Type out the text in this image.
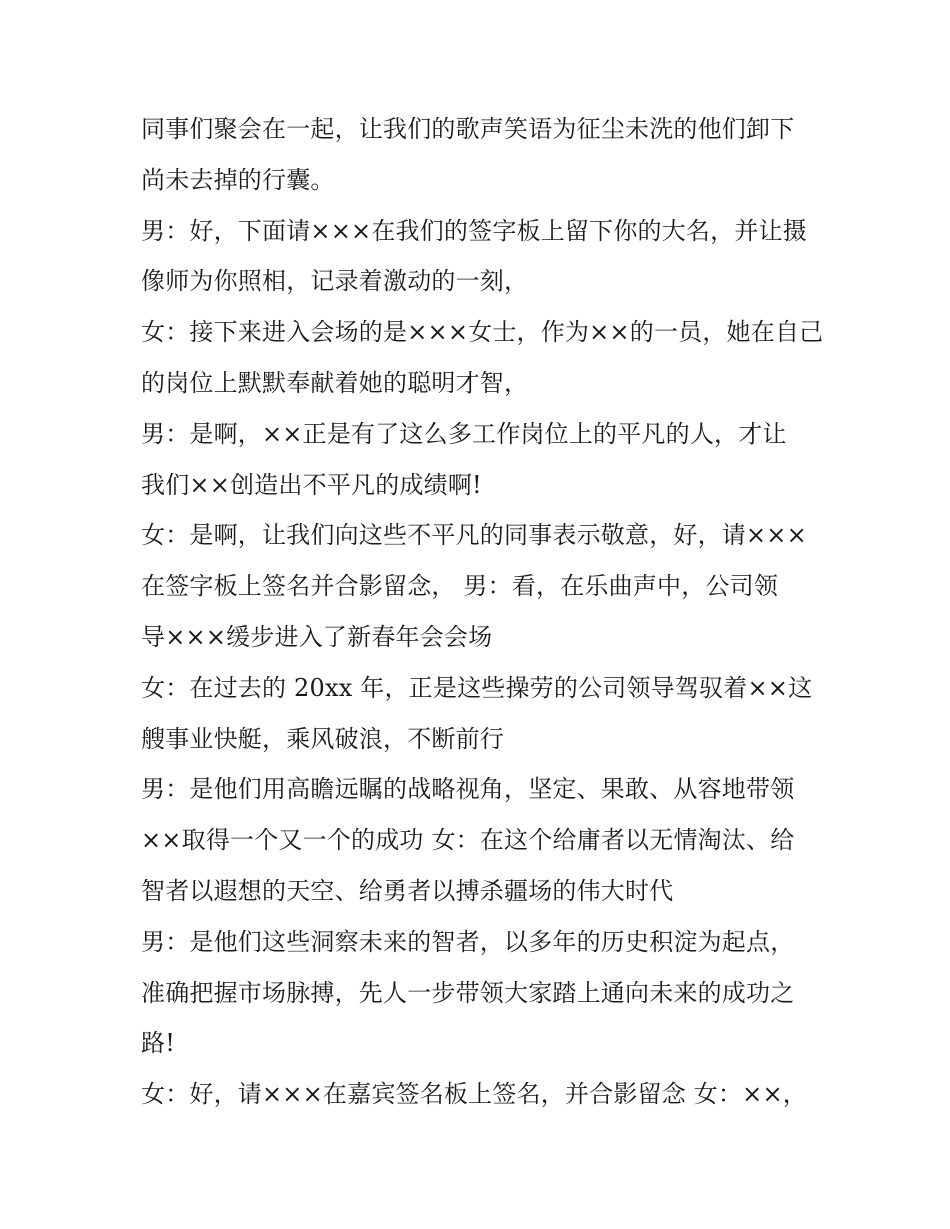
同事们聚会在一起，让我们的歌声笑语为征尘未洗的他们卸下
尚未去掉的行囊。
男：好，下面请×××在我们的签字板上留下你的大名，并让摄
像师为你照相，记录着激动的一刻，
女：接下来进入会场的是×××女士，作为××的一员，她在自己
的岗位上默默奉献着她的聪明才智，
男：是啊，××正是有了这么多工作岗位上的平凡的人，才让
我们××创造出不平凡的成绩啊!
女：是啊，让我们向这些不平凡的同事表示敬意，好，请×××
在签字板上签名并合影留念， 男：看，在乐曲声中，公司领
导×××缓步进入了新春年会会场
女：在过去的 20xx 年，正是这些操劳的公司领导驾驭着××这
艘事业快艇，乘风破浪，不断前行
男：是他们用高瞻远瞩的战略视角，坚定、果敢、从容地带领
××取得一个又一个的成功 女：在这个给庸者以无情淘汰、给
智者以遐想的天空、给勇者以搏杀疆场的伟大时代
男：是他们这些洞察未来的智者，以多年的历史积淀为起点，
准确把握市场脉搏，先人一步带领大家踏上通向未来的成功之
路!
女：好，请×××在嘉宾签名板上签名，并合影留念 女：××，
